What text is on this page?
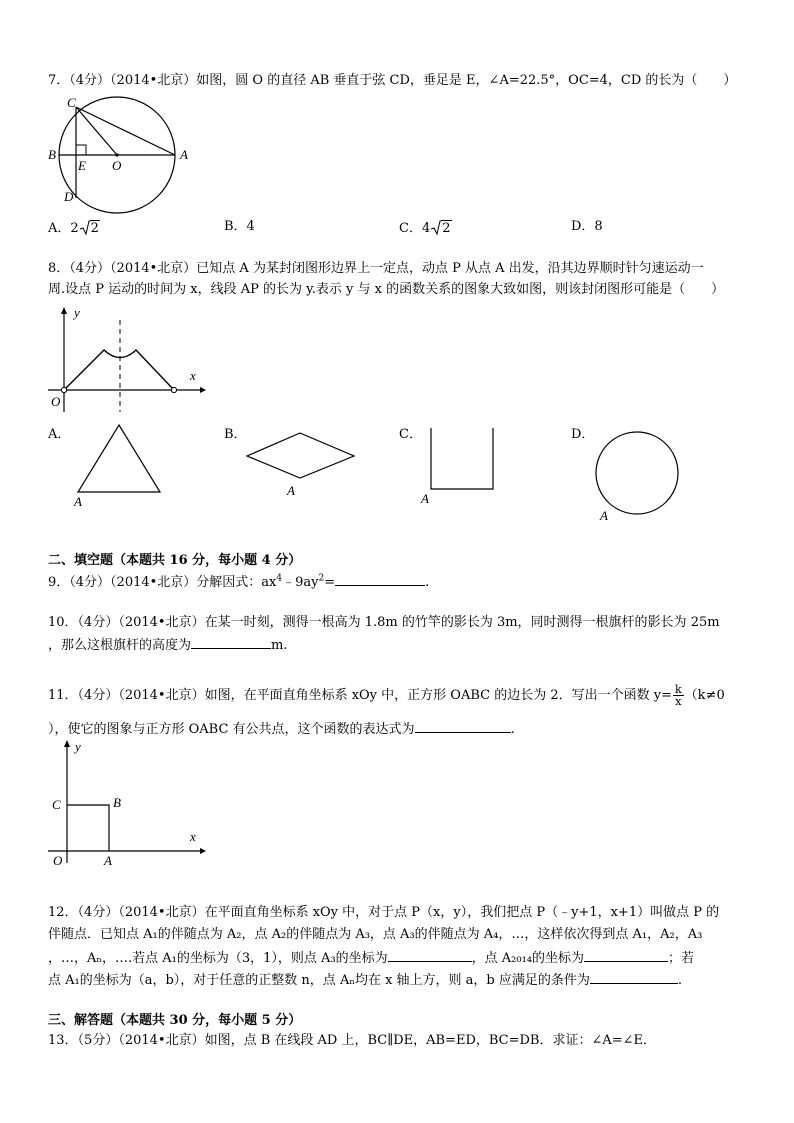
7．（4分）（2014•北京）如图，圆 O 的直径 AB 垂直于弦 CD，垂足是 E，∠A=22.5°，OC=4，CD 的长为（　　）
C
B
E O
A
D
A．2 2	B．4	C．4 2	D．8
8．（4分）（2014•北京）已知点 A 为某封闭图形边界上一定点，动点 P 从点 A 出发，沿其边界顺时针匀速运动一
周.设点 P 运动的时间为 x，线段 AP 的长为 y.表示 y 与 x 的函数关系的图象大致如图，则该封闭图形可能是（　　）
y
x
O
A．
A
B．
A
C．
A
D．
A
二、填空题（本题共 16 分，每小题 4 分）
9．（4分）（2014•北京）分解因式：$ax^4﹣9ay^2=$	.
10．（4分）（2014•北京）在某一时刻，测得一根高为 1.8m 的竹竿的影长为 3m，同时测得一根旗杆的影长为 25m
，那么这根旗杆的高度为	m.
11．（4分）（2014•北京）如图，在平面直角坐标系 xOy 中，正方形 OABC 的边长为 2．写出一个函数 $y= \frac{k}{x} (k\ne 0$
），使它的图象与正方形 OABC 有公共点，这个函数的表达式为	.
y
x
C	B
O	A
12．（4分）（2014•北京）在平面直角坐标系 xOy 中，对于点 P（x，y），我们把点 P（﹣y+1，x+1）叫做点 P 的
伴随点．已知点 A₁的伴随点为 A₂，点 A₂的伴随点为 A₃，点 A₃的伴随点为 A₄，…，这样依次得到点 A₁，A₂，A₃
，…，Aₙ，….若点 A₁的坐标为（3，1），则点 A₃的坐标为	，点 A₂₀₁₄的坐标为	；若
点 A₁的坐标为（a，b），对于任意的正整数 n，点 Aₙ均在 x 轴上方，则 a，b 应满足的条件为	.
三、解答题（本题共 30 分，每小题 5 分）
13．（5分）（2014•北京）如图，点 B 在线段 AD 上，BC∥DE，AB=ED，BC=DB．求证：∠A=∠E．
